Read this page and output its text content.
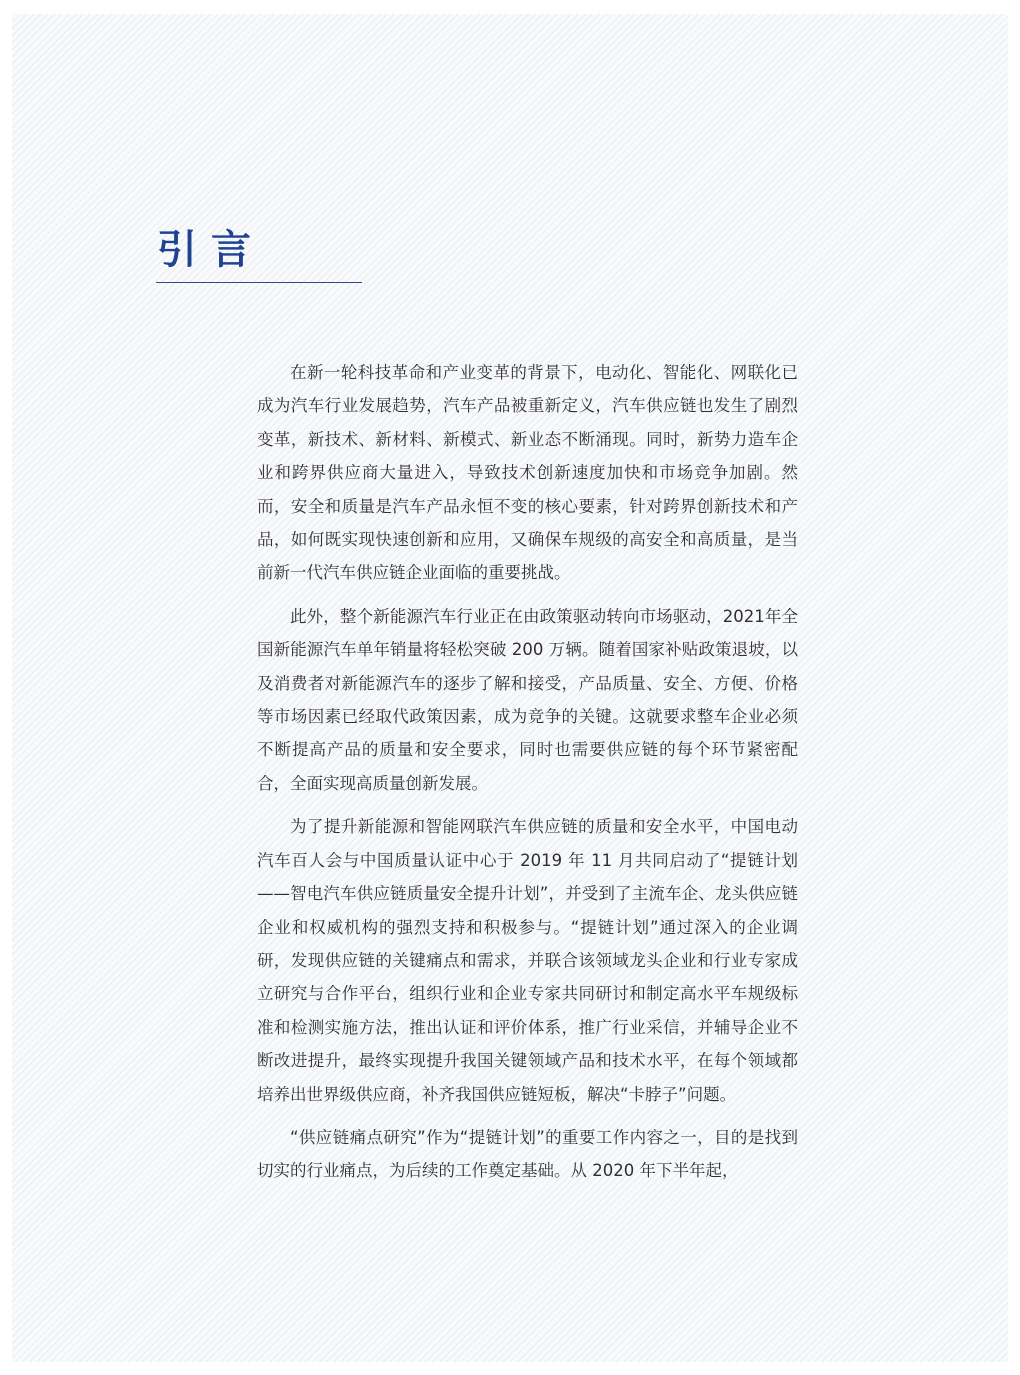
引言

在新一轮科技革命和产业变革的背景下，电动化、智能化、网联化已成为汽车行业发展趋势，汽车产品被重新定义，汽车供应链也发生了剧烈变革，新技术、新材料、新模式、新业态不断涌现。同时，新势力造车企业和跨界供应商大量进入，导致技术创新速度加快和市场竞争加剧。然而，安全和质量是汽车产品永恒不变的核心要素，针对跨界创新技术和产品，如何既实现快速创新和应用，又确保车规级的高安全和高质量，是当前新一代汽车供应链企业面临的重要挑战。

此外，整个新能源汽车行业正在由政策驱动转向市场驱动，2021年全国新能源汽车单年销量将轻松突破 200 万辆。随着国家补贴政策退坡，以及消费者对新能源汽车的逐步了解和接受，产品质量、安全、方便、价格等市场因素已经取代政策因素，成为竞争的关键。这就要求整车企业必须不断提高产品的质量和安全要求，同时也需要供应链的每个环节紧密配合，全面实现高质量创新发展。

为了提升新能源和智能网联汽车供应链的质量和安全水平，中国电动汽车百人会与中国质量认证中心于 2019 年 11 月共同启动了“提链计划——智电汽车供应链质量安全提升计划”，并受到了主流车企、龙头供应链企业和权威机构的强烈支持和积极参与。“提链计划”通过深入的企业调研，发现供应链的关键痛点和需求，并联合该领域龙头企业和行业专家成立研究与合作平台，组织行业和企业专家共同研讨和制定高水平车规级标准和检测实施方法，推出认证和评价体系，推广行业采信，并辅导企业不断改进提升，最终实现提升我国关键领域产品和技术水平，在每个领域都培养出世界级供应商，补齐我国供应链短板，解决“卡脖子”问题。

“供应链痛点研究”作为“提链计划”的重要工作内容之一，目的是找到切实的行业痛点，为后续的工作奠定基础。从 2020 年下半年起，
